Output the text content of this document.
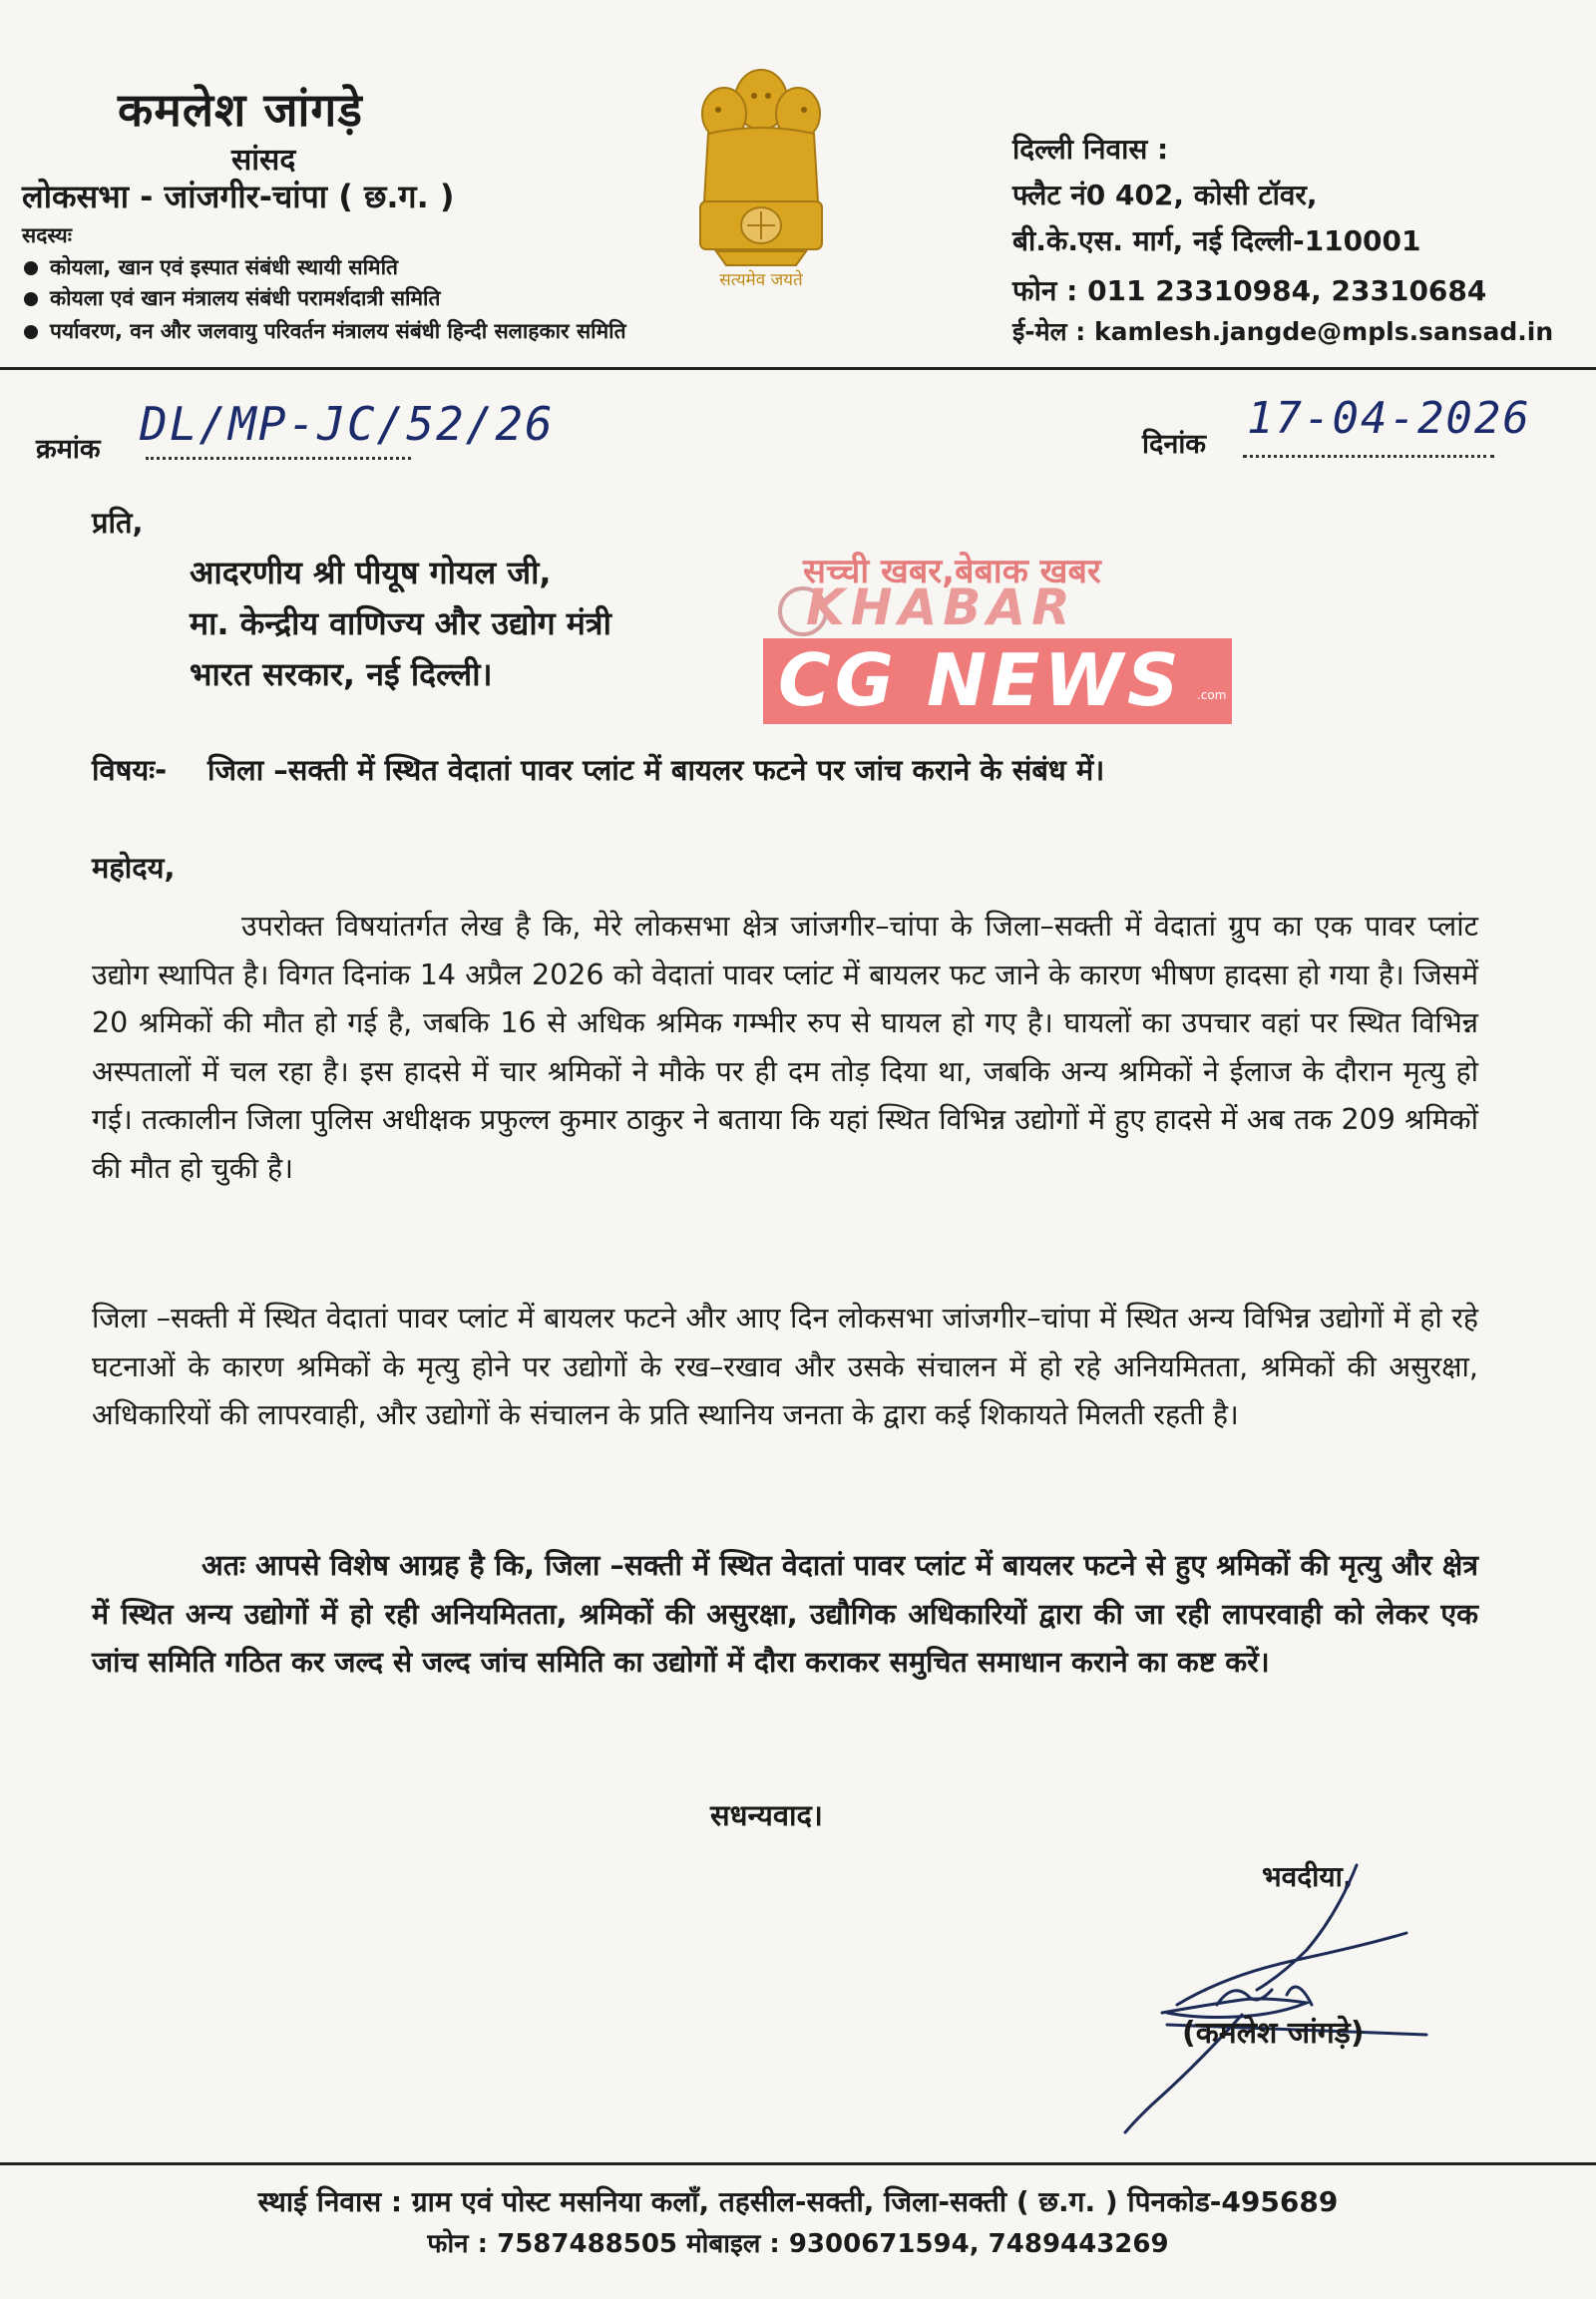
कमलेश जांगड़े
सांसद
लोकसभा - जांजगीर-चांपा ( छ.ग. )
सदस्यः
कोयला, खान एवं इस्पात संबंधी स्थायी समिति
कोयला एवं खान मंत्रालय संबंधी परामर्शदात्री समिति
पर्यावरण, वन और जलवायु परिवर्तन मंत्रालय संबंधी हिन्दी सलाहकार समिति
सत्यमेव जयते
दिल्ली निवास :
फ्लैट नं0 402, कोसी टॉवर,
बी.के.एस. मार्ग, नई दिल्ली-110001
फोन : 011 23310984, 23310684
ई-मेल : kamlesh.jangde@mpls.sansad.in
क्रमांक DL/MP-JC/52/26	दिनांक
17-04-2026
प्रति,
आदरणीय श्री पीयूष गोयल जी,
मा. केन्द्रीय वाणिज्य और उद्योग मंत्री
भारत सरकार, नई दिल्ली।
सच्ची खबर,बेबाक खबर
KHABAR
CG NEWS .com
विषयः- जिला –सक्ती में स्थित वेदातां पावर प्लांट में बायलर फटने पर जांच कराने के संबंध में।
महोदय,
उपरोक्त विषयांतर्गत लेख है कि, मेरे लोकसभा क्षेत्र जांजगीर–चांपा के जिला–सक्ती में वेदातां ग्रुप का एक पावर प्लांट उद्योग स्थापित है। विगत दिनांक 14 अप्रैल 2026 को वेदातां पावर प्लांट में बायलर फट जाने के कारण भीषण हादसा हो गया है। जिसमें 20 श्रमिकों की मौत हो गई है, जबकि 16 से अधिक श्रमिक गम्भीर रुप से घायल हो गए है। घायलों का उपचार वहां पर स्थित विभिन्न अस्पतालों में चल रहा है। इस हादसे में चार श्रमिकों ने मौके पर ही दम तोड़ दिया था, जबकि अन्य श्रमिकों ने ईलाज के दौरान मृत्यु हो गई। तत्कालीन जिला पुलिस अधीक्षक प्रफुल्ल कुमार ठाकुर ने बताया कि यहां स्थित विभिन्न उद्योगों में हुए हादसे में अब तक 209 श्रमिकों की मौत हो चुकी है।
जिला –सक्ती में स्थित वेदातां पावर प्लांट में बायलर फटने और आए दिन लोकसभा जांजगीर–चांपा में स्थित अन्य विभिन्न उद्योगों में हो रहे घटनाओं के कारण श्रमिकों के मृत्यु होने पर उद्योगों के रख–रखाव और उसके संचालन में हो रहे अनियमितता, श्रमिकों की असुरक्षा, अधिकारियों की लापरवाही, और उद्योगों के संचालन के प्रति स्थानिय जनता के द्वारा कई शिकायते मिलती रहती है।
अतः आपसे विशेष आग्रह है कि, जिला –सक्ती में स्थित वेदातां पावर प्लांट में बायलर फटने से हुए श्रमिकों की मृत्यु और क्षेत्र में स्थित अन्य उद्योगों में हो रही अनियमितता, श्रमिकों की असुरक्षा, उद्यौगिक अधिकारियों द्वारा की जा रही लापरवाही को लेकर एक जांच समिति गठित कर जल्द से जल्द जांच समिति का उद्योगों में दौरा कराकर समुचित समाधान कराने का कष्ट करें।
सधन्यवाद।
भवदीया,
(कमलेश जांगड़े)
स्थाई निवास : ग्राम एवं पोस्ट मसनिया कलॉं, तहसील-सक्ती, जिला-सक्ती ( छ.ग. ) पिनकोड-495689
फोन : 7587488505 मोबाइल : 9300671594, 7489443269
